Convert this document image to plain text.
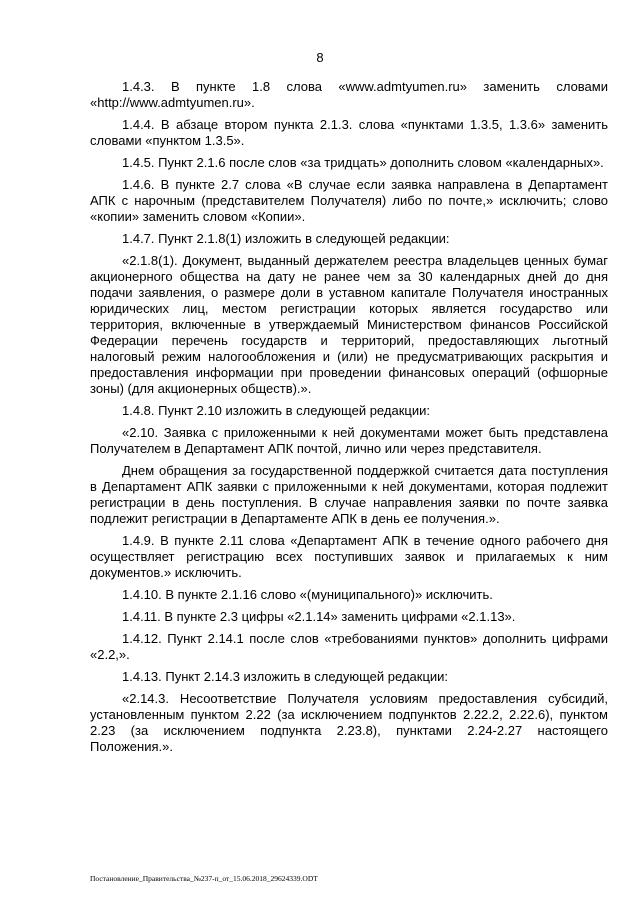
8

1.4.3. В пункте 1.8 слова «www.admtyumen.ru» заменить словами «http://www.admtyumen.ru».

1.4.4. В абзаце втором пункта 2.1.3. слова «пунктами 1.3.5, 1.3.6» заменить словами «пунктом 1.3.5».

1.4.5. Пункт 2.1.6 после слов «за тридцать» дополнить словом «календарных».

1.4.6. В пункте 2.7 слова «В случае если заявка направлена в Департамент АПК с нарочным (представителем Получателя) либо по почте,» исключить; слово «копии» заменить словом «Копии».

1.4.7. Пункт 2.1.8(1) изложить в следующей редакции:

«2.1.8(1). Документ, выданный держателем реестра владельцев ценных бумаг акционерного общества на дату не ранее чем за 30 календарных дней до дня подачи заявления, о размере доли в уставном капитале Получателя иностранных юридических лиц, местом регистрации которых является государство или территория, включенные в утверждаемый Министерством финансов Российской Федерации перечень государств и территорий, предоставляющих льготный налоговый режим налогообложения и (или) не предусматривающих раскрытия и предоставления информации при проведении финансовых операций (офшорные зоны) (для акционерных обществ).».

1.4.8. Пункт 2.10 изложить в следующей редакции:

«2.10. Заявка с приложенными к ней документами может быть представлена Получателем в Департамент АПК почтой, лично или через представителя.

Днем обращения за государственной поддержкой считается дата поступления в Департамент АПК заявки с приложенными к ней документами, которая подлежит регистрации в день поступления. В случае направления заявки по почте заявка подлежит регистрации в Департаменте АПК в день ее получения.».

1.4.9. В пункте 2.11 слова «Департамент АПК в течение одного рабочего дня осуществляет регистрацию всех поступивших заявок и прилагаемых к ним документов.» исключить.

1.4.10. В пункте 2.1.16 слово «(муниципального)» исключить.

1.4.11. В пункте 2.3 цифры «2.1.14» заменить цифрами «2.1.13».

1.4.12. Пункт 2.14.1 после слов «требованиями пунктов» дополнить цифрами «2.2,».

1.4.13. Пункт 2.14.3 изложить в следующей редакции:

«2.14.3. Несоответствие Получателя условиям предоставления субсидий, установленным пунктом 2.22 (за исключением подпунктов 2.22.2, 2.22.6), пунктом 2.23 (за исключением подпункта 2.23.8), пунктами 2.24-2.27 настоящего Положения.».

Постановление_Правительства_№237-п_от_15.06.2018_29624339.ODT
